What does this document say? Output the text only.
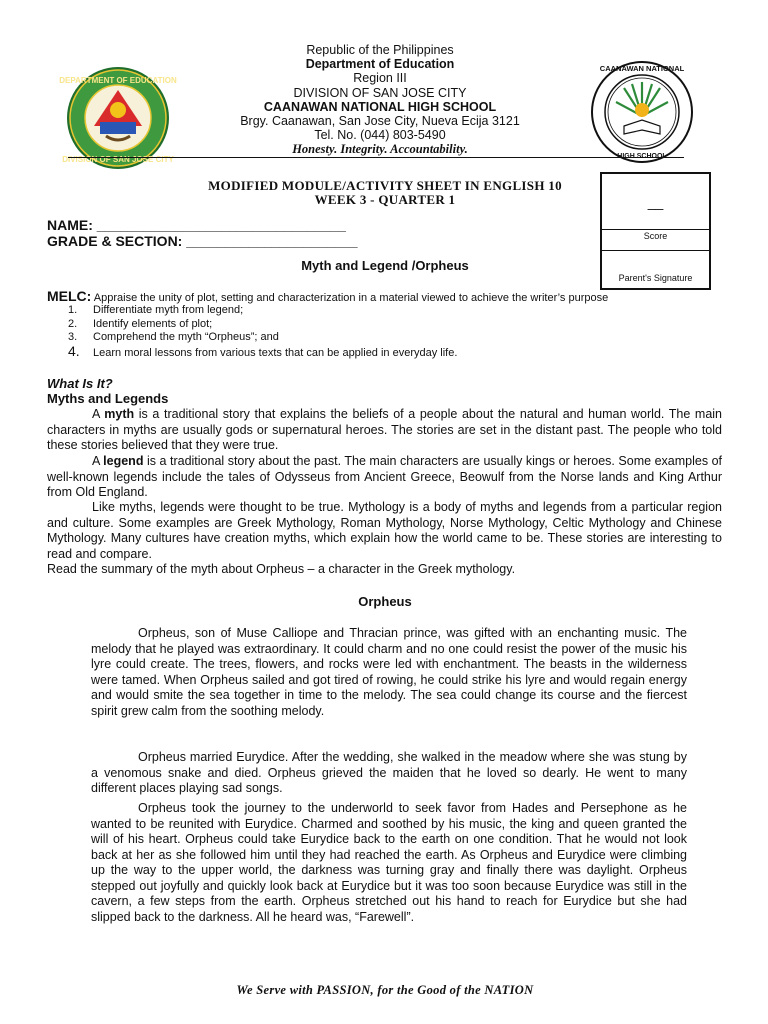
DEPARTMENT OF EDUCATION
DIVISION OF SAN JOSE CITY
CAANAWAN NATIONAL
HIGH SCHOOL
Republic of the Philippines
Department of Education
Region III
DIVISION OF SAN JOSE CITY
CAANAWAN NATIONAL HIGH SCHOOL
Brgy. Caanawan, San Jose City, Nueva Ecija 3121
Tel. No. (044) 803-5490
Honesty. Integrity. Accountability.
MODIFIED MODULE/ACTIVITY SHEET IN ENGLISH 10
WEEK 3 - QUARTER 1	__
Score
Parent's Signature
NAME: ________________________________
GRADE & SECTION: ______________________
Myth and Legend /Orpheus
MELC: Appraise the unity of plot, setting and characterization in a material viewed to achieve the writer’s purpose
1. Differentiate myth from legend;
2. Identify elements of plot;
3. Comprehend the myth “Orpheus”; and
4. Learn moral lessons from various texts that can be applied in everyday life.
What Is It?
Myths and Legends
A myth is a traditional story that explains the beliefs of a people about the natural and human world. The main characters in myths are usually gods or supernatural heroes. The stories are set in the distant past. The people who told these stories believed that they were true.
A legend is a traditional story about the past. The main characters are usually kings or heroes. Some examples of well-known legends include the tales of Odysseus from Ancient Greece, Beowulf from the Norse lands and King Arthur from Old England.
Like myths, legends were thought to be true. Mythology is a body of myths and legends from a particular region and culture. Some examples are Greek Mythology, Roman Mythology, Norse Mythology, Celtic Mythology and Chinese Mythology. Many cultures have creation myths, which explain how the world came to be. These stories are interesting to read and compare.
Read the summary of the myth about Orpheus – a character in the Greek mythology.
Orpheus
Orpheus, son of Muse Calliope and Thracian prince, was gifted with an enchanting music. The melody that he played was extraordinary. It could charm and no one could resist the power of the music his lyre could create. The trees, flowers, and rocks were led with enchantment. The beasts in the wilderness were tamed. When Orpheus sailed and got tired of rowing, he could strike his lyre and would regain energy and would smite the sea together in time to the melody. The sea could change its course and the fiercest spirit grew calm from the soothing melody.
Orpheus married Eurydice. After the wedding, she walked in the meadow where she was stung by a venomous snake and died. Orpheus grieved the maiden that he loved so dearly. He went to many different places playing sad songs.
Orpheus took the journey to the underworld to seek favor from Hades and Persephone as he wanted to be reunited with Eurydice. Charmed and soothed by his music, the king and queen granted the will of his heart. Orpheus could take Eurydice back to the earth on one condition. That he would not look back at her as she followed him until they had reached the earth. As Orpheus and Eurydice were climbing up the way to the upper world, the darkness was turning gray and finally there was daylight. Orpheus stepped out joyfully and quickly look back at Eurydice but it was too soon because Eurydice was still in the cavern, a few steps from the earth. Orpheus stretched out his hand to reach for Eurydice but she had slipped back to the darkness. All he heard was, “Farewell”.
We Serve with PASSION, for the Good of the NATION
